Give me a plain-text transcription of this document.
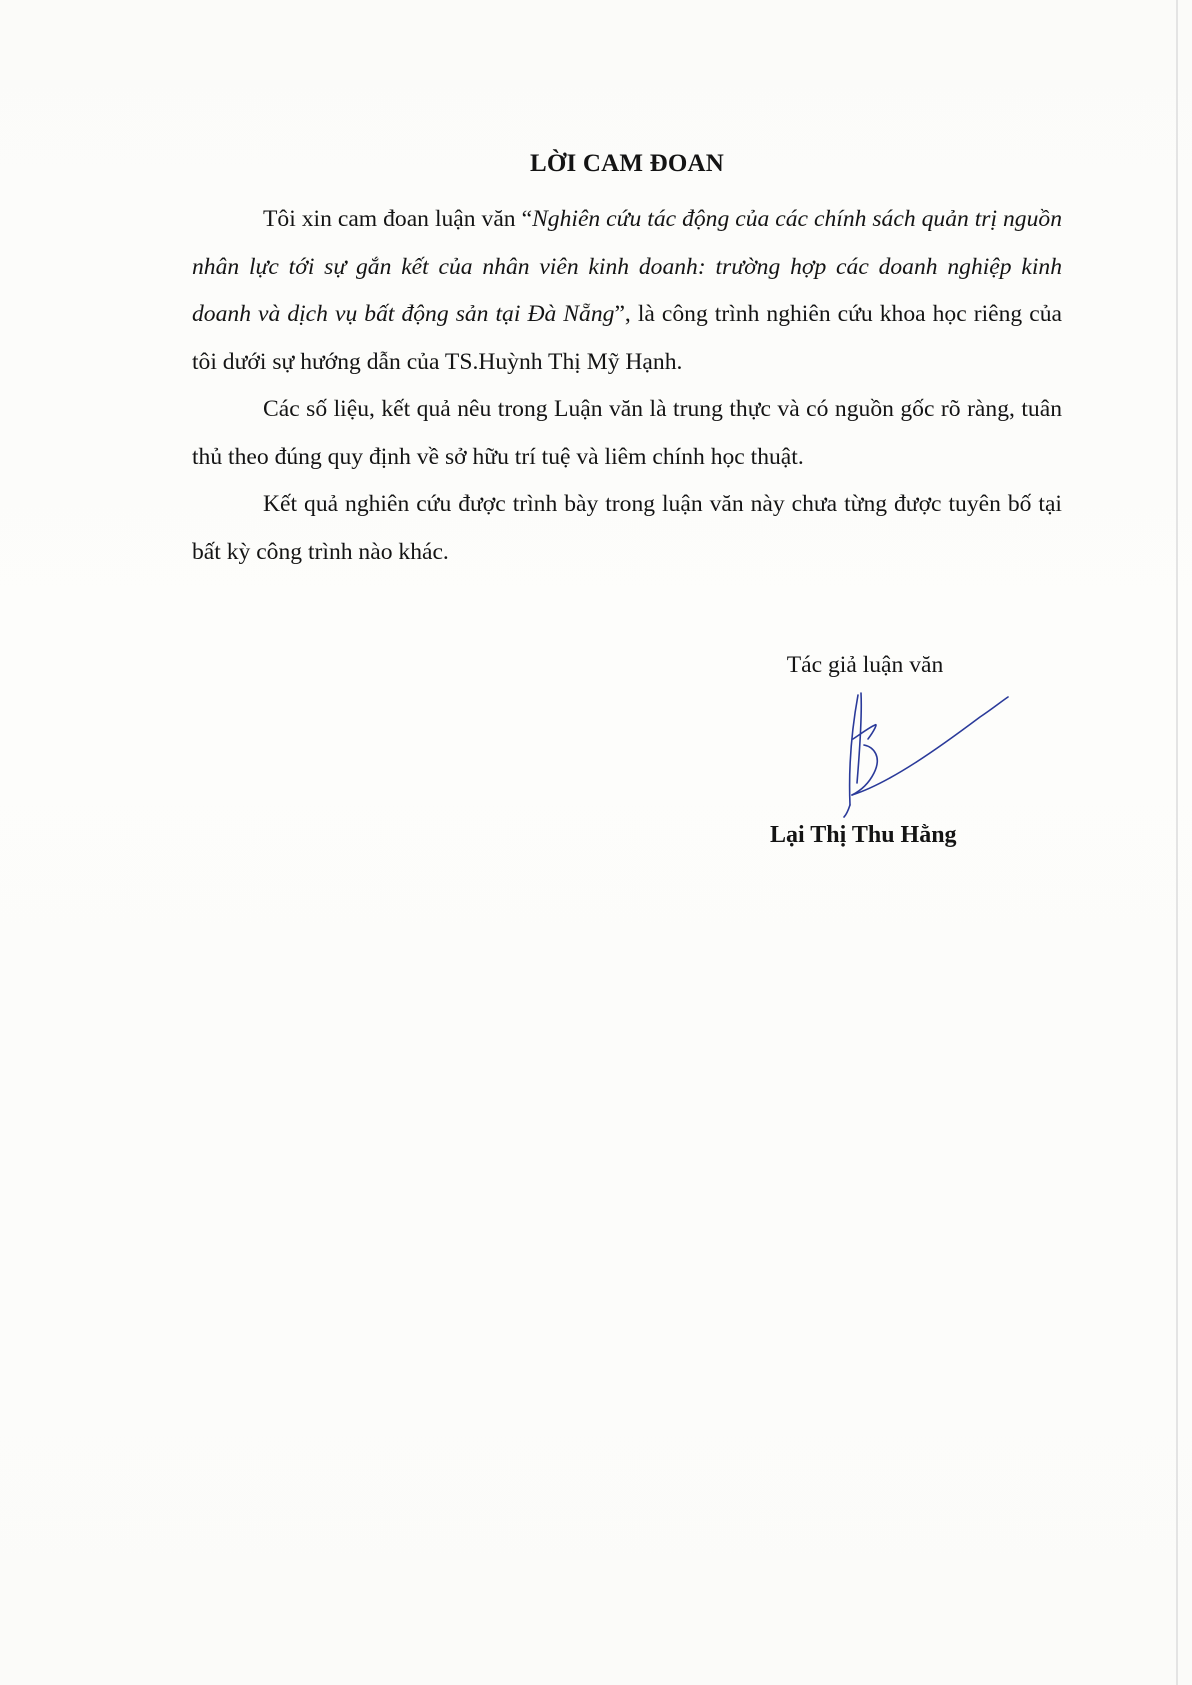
LỜI CAM ĐOAN

Tôi xin cam đoan luận văn “Nghiên cứu tác động của các chính sách quản trị nguồn nhân lực tới sự gắn kết của nhân viên kinh doanh: trường hợp các doanh nghiệp kinh doanh và dịch vụ bất động sản tại Đà Nẵng”, là công trình nghiên cứu khoa học riêng của tôi dưới sự hướng dẫn của TS.Huỳnh Thị Mỹ Hạnh.

Các số liệu, kết quả nêu trong Luận văn là trung thực và có nguồn gốc rõ ràng, tuân thủ theo đúng quy định về sở hữu trí tuệ và liêm chính học thuật.

Kết quả nghiên cứu được trình bày trong luận văn này chưa từng được tuyên bố tại bất kỳ công trình nào khác.

Tác giả luận văn
Lại Thị Thu Hằng
